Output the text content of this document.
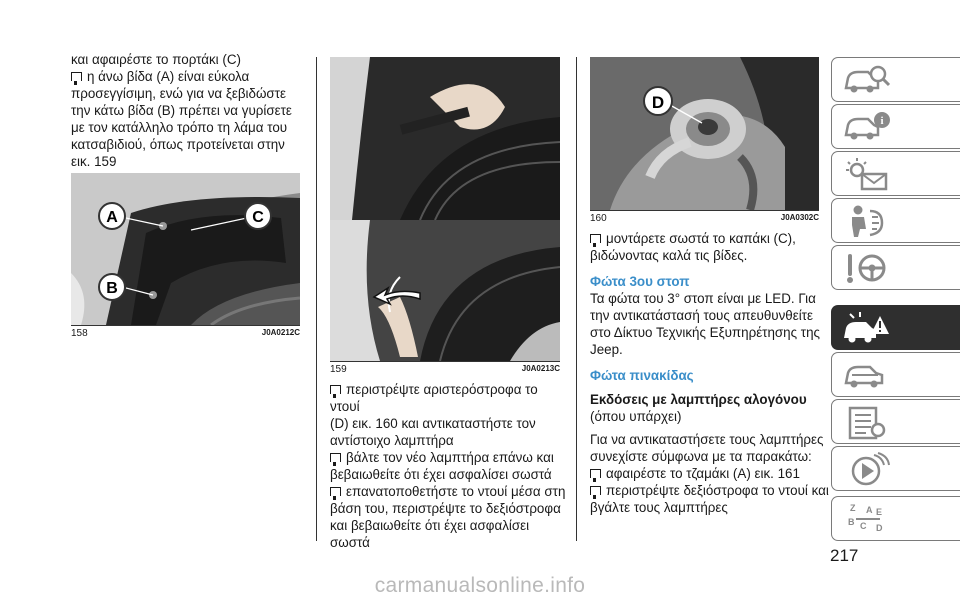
και αφαιρέστε το πορτάκι (C)

η άνω βίδα (A) είναι εύκολα

προσεγγίσιμη, ενώ για να ξεβιδώστε

την κάτω βίδα (B) πρέπει να γυρίσετε

με τον κατάλληλο τρόπο τη λάμα του

κατσαβιδιού, όπως προτείνεται στην

εικ. 159

A	C
B
158	J0A0212C
159	J0A0213C

περιστρέψτε αριστερόστροφα το ντουί

(D) εικ. 160 και αντικαταστήστε τον

αντίστοιχο λαμπτήρα

βάλτε τον νέο λαμπτήρα επάνω και

βεβαιωθείτε ότι έχει ασφαλίσει σωστά

επανατοποθετήστε το ντουί μέσα στη

βάση του, περιστρέψτε το δεξιόστροφα

και βεβαιωθείτε ότι έχει ασφαλίσει

σωστά

D
160	J0A0302C

μοντάρετε σωστά το καπάκι (C),

βιδώνοντας καλά τις βίδες.

Φώτα 3ου στοπ

Τα φώτα του 3° στοπ είναι με LED. Για

την αντικατάστασή τους απευθυνθείτε

στο Δίκτυο Τεχνικής Εξυπηρέτησης της

Jeep.

Φώτα πινακίδας

Εκδόσεις με λαμπτήρες αλογόνου

(όπου υπάρχει)

Για να αντικαταστήσετε τους λαμπτήρες

συνεχίστε σύμφωνα με τα παρακάτω:

αφαιρέστε το τζαμάκι (A) εικ. 161

περιστρέψτε δεξιόστροφα το ντουί και

βγάλτε τους λαμπτήρες

i
Z A E
B C D
217
carmanualsonline.info
